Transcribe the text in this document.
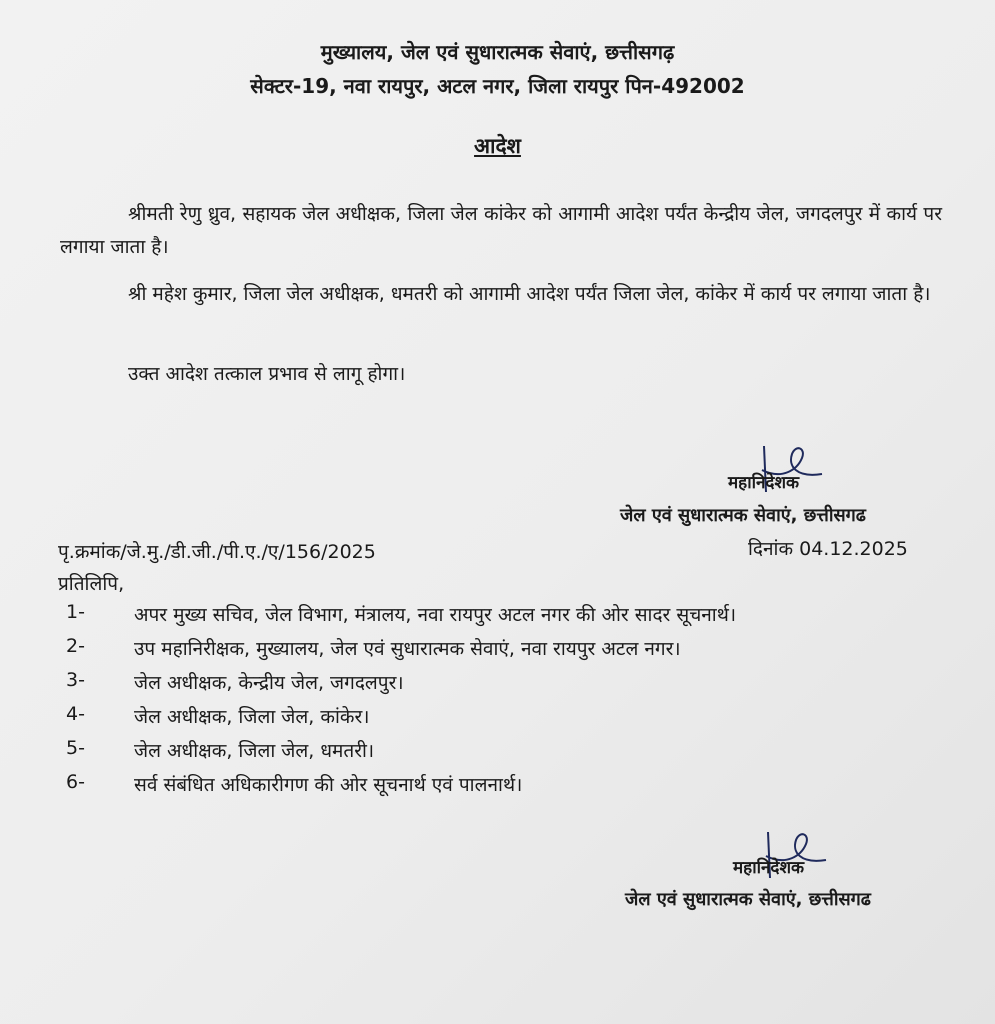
मुख्यालय, जेल एवं सुधारात्मक सेवाएं, छत्तीसगढ़
सेक्टर-19, नवा रायपुर, अटल नगर, जिला रायपुर पिन-492002
आदेश
श्रीमती रेणु ध्रुव, सहायक जेल अधीक्षक, जिला जेल कांकेर को आगामी आदेश पर्यंत केन्द्रीय जेल, जगदलपुर में कार्य पर लगाया जाता है।
श्री महेश कुमार, जिला जेल अधीक्षक, धमतरी को आगामी आदेश पर्यंत जिला जेल, कांकेर में कार्य पर लगाया जाता है।
उक्त आदेश तत्काल प्रभाव से लागू होगा।
महानिदेशक
जेल एवं सुधारात्मक सेवाएं, छत्तीसगढ
पृ.क्रमांक/जे.मु./डी.जी./पी.ए./ए/156/2025	दिनांक 04.12.2025
प्रतिलिपि,
1-	अपर मुख्य सचिव, जेल विभाग, मंत्रालय, नवा रायपुर अटल नगर की ओर सादर सूचनार्थ।
2-	उप महानिरीक्षक, मुख्यालय, जेल एवं सुधारात्मक सेवाएं, नवा रायपुर अटल नगर।
3-	जेल अधीक्षक, केन्द्रीय जेल, जगदलपुर।
4-	जेल अधीक्षक, जिला जेल, कांकेर।
5-	जेल अधीक्षक, जिला जेल, धमतरी।
6-	सर्व संबंधित अधिकारीगण की ओर सूचनार्थ एवं पालनार्थ।
महानिदेशक
जेल एवं सुधारात्मक सेवाएं, छत्तीसगढ
